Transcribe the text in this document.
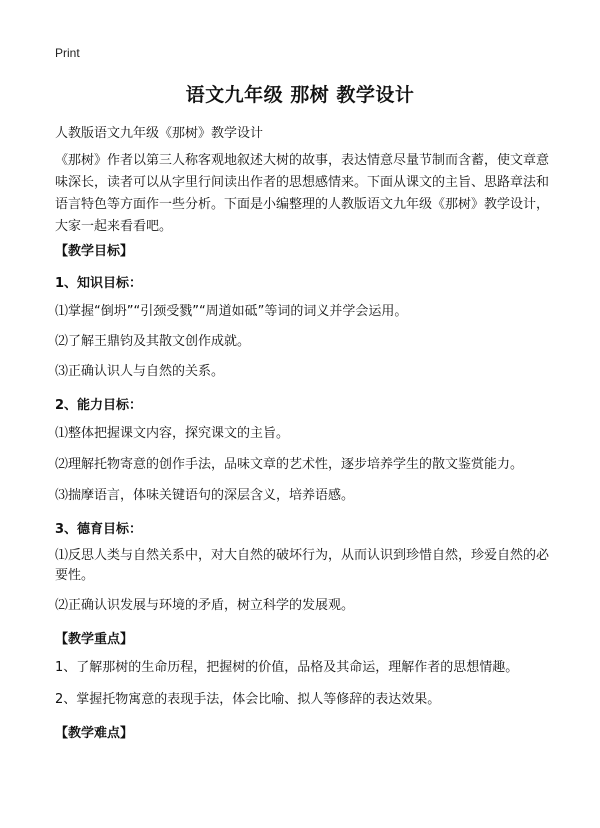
Print
语文九年级 那树 教学设计
人教版语文九年级《那树》教学设计

《那树》作者以第三人称客观地叙述大树的故事，表达情意尽量节制而含蓄，使文章意味深长，读者可以从字里行间读出作者的思想感情来。下面从课文的主旨、思路章法和语言特色等方面作一些分析。下面是小编整理的人教版语文九年级《那树》教学设计，大家一起来看看吧。

【教学目标】
1、知识目标：

⑴掌握“倒坍”“引颈受戮”“周道如砥”等词的词义并学会运用。

⑵了解王鼎钧及其散文创作成就。

⑶正确认识人与自然的关系。

2、能力目标：

⑴整体把握课文内容，探究课文的主旨。

⑵理解托物寄意的创作手法，品味文章的艺术性，逐步培养学生的散文鉴赏能力。

⑶揣摩语言，体味关键语句的深层含义，培养语感。

3、德育目标：

⑴反思人类与自然关系中，对大自然的破坏行为，从而认识到珍惜自然，珍爱自然的必要性。

⑵正确认识发展与环境的矛盾，树立科学的发展观。

【教学重点】

1、了解那树的生命历程，把握树的价值，品格及其命运，理解作者的思想情趣。

2、掌握托物寓意的表现手法，体会比喻、拟人等修辞的表达效果。

【教学难点】
